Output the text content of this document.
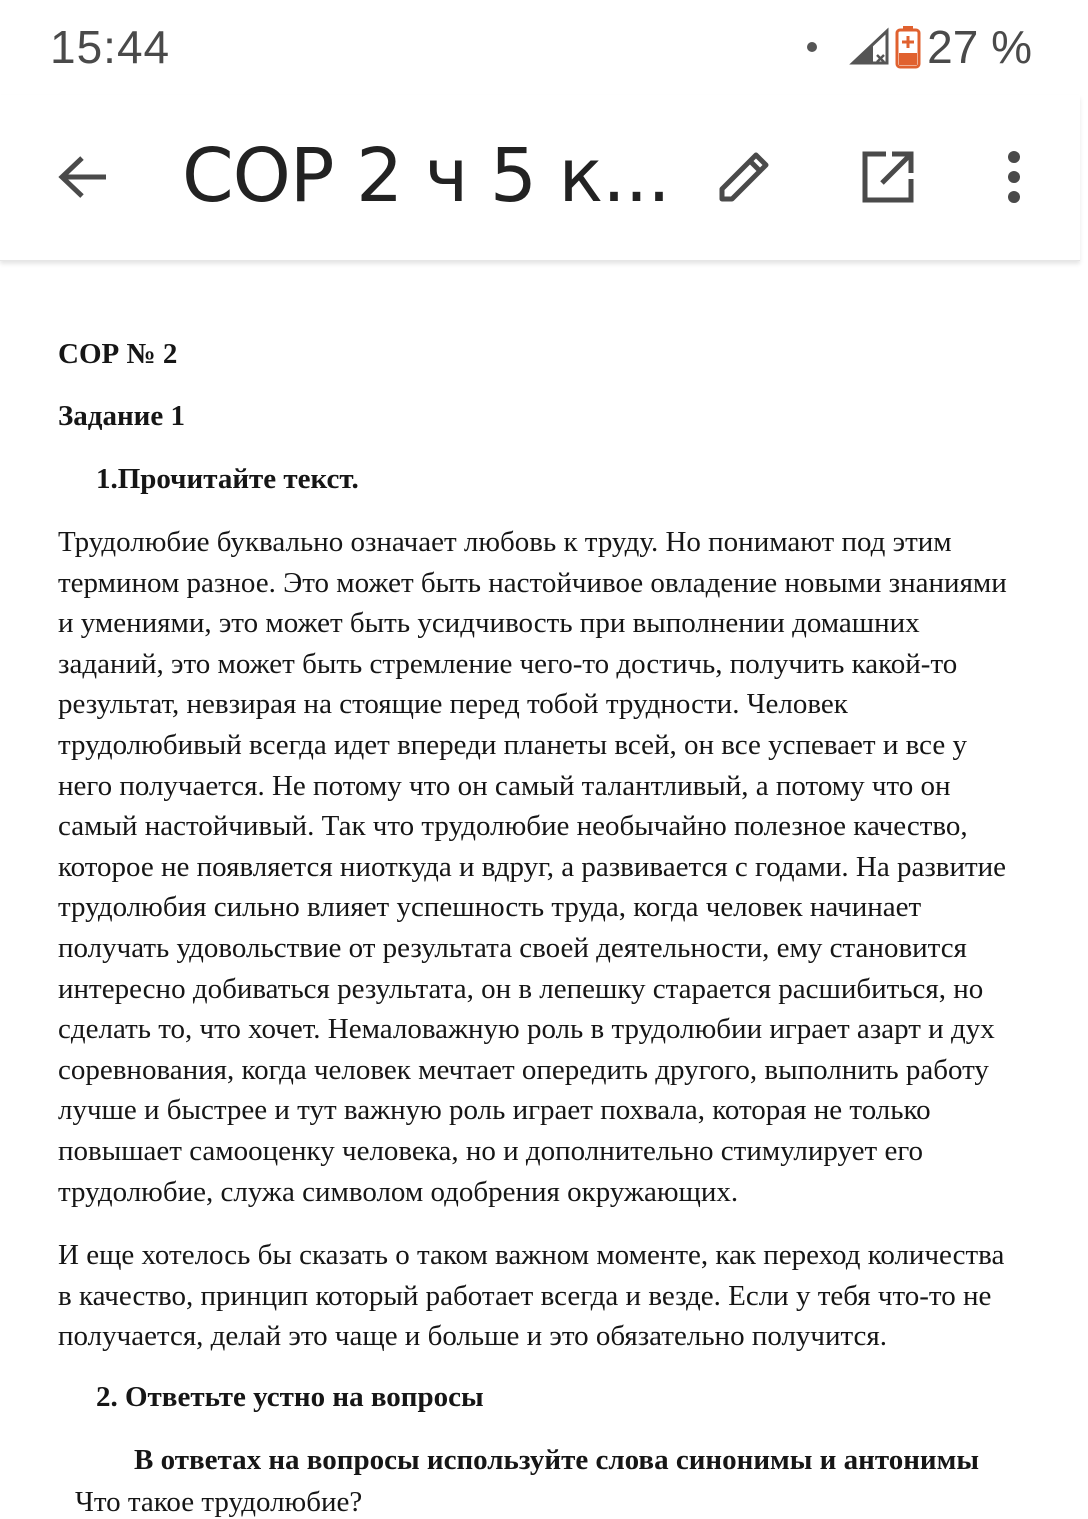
15:44	27 %
СОР 2 ч 5 к...

СОР № 2

Задание 1

1.Прочитайте текст.

Трудолюбие буквально означает любовь к труду. Но понимают под этим
термином разное. Это может быть настойчивое овладение новыми знаниями
и умениями, это может быть усидчивость при выполнении домашних
заданий, это может быть стремление чего-то достичь, получить какой-то
результат, невзирая на стоящие перед тобой трудности. Человек
трудолюбивый всегда идет впереди планеты всей, он все успевает и все у
него получается. Не потому что он самый талантливый, а потому что он
самый настойчивый. Так что трудолюбие необычайно полезное качество,
которое не появляется ниоткуда и вдруг, а развивается с годами. На развитие
трудолюбия сильно влияет успешность труда, когда человек начинает
получать удовольствие от результата своей деятельности, ему становится
интересно добиваться результата, он в лепешку старается расшибиться, но
сделать то, что хочет. Немаловажную роль в трудолюбии играет азарт и дух
соревнования, когда человек мечтает опередить другого, выполнить работу
лучше и быстрее и тут важную роль играет похвала, которая не только
повышает самооценку человека, но и дополнительно стимулирует его
трудолюбие, служа символом одобрения окружающих.

И еще хотелось бы сказать о таком важном моменте, как переход количества
в качество, принцип который работает всегда и везде. Если у тебя что-то не
получается, делай это чаще и больше и это обязательно получится.

2. Ответьте устно на вопросы

В ответах на вопросы используйте слова синонимы и антонимы

Что такое трудолюбие?
